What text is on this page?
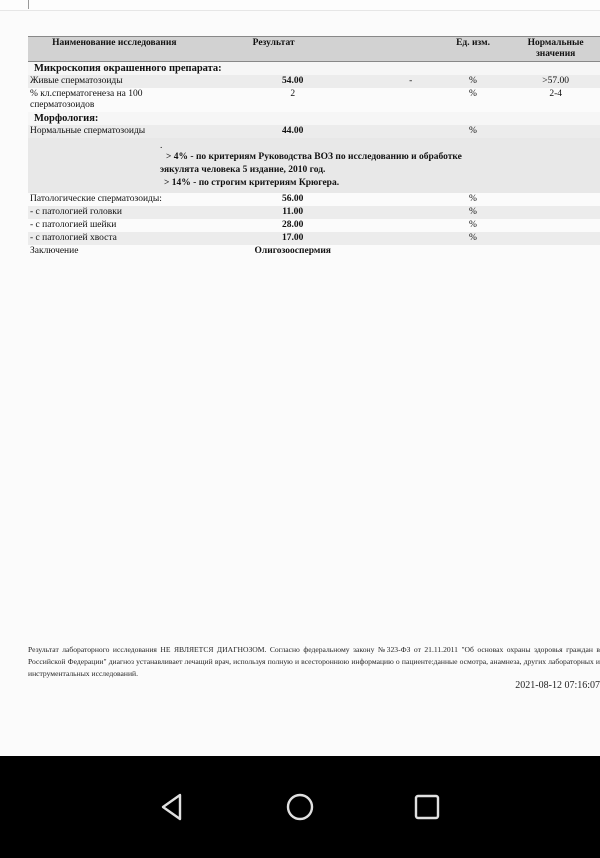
Наименование исследования	Результат		Ед. изм.	Нормальные значения
Микроскопия окрашенного препарата:				
Живые сперматозоиды	54.00	-	%	>57.00
% кл.сперматогенеза на 100 сперматозоидов	2		%	2-4
Морфология:				
Нормальные сперматозоиды	44.00		%	

.
> 4% - по критериям Руководства ВОЗ по исследованию и обработке
эякулята человека 5 издание, 2010 год.
> 14% - по строгим критериям Крюгера.				

Патологические сперматозоиды:	56.00		%	
- с патологией головки	11.00		%	
- с патологией шейки	28.00		%	
- с патологией хвоста	17.00		%	
Заключение	Олигозооспермия			
Результат лабораторного исследования НЕ ЯВЛЯЕТСЯ ДИАГНОЗОМ. Согласно федеральному закону №323-ФЗ от 21.11.2011 "Об основах охраны здоровья граждан в Российской Федерации" диагноз устанавливает лечащий врач, используя полную и всестороннюю информацию о пациенте:данные осмотра, анамнеза, других лабораторных и инструментальных исследований.
2021-08-12 07:16:07
